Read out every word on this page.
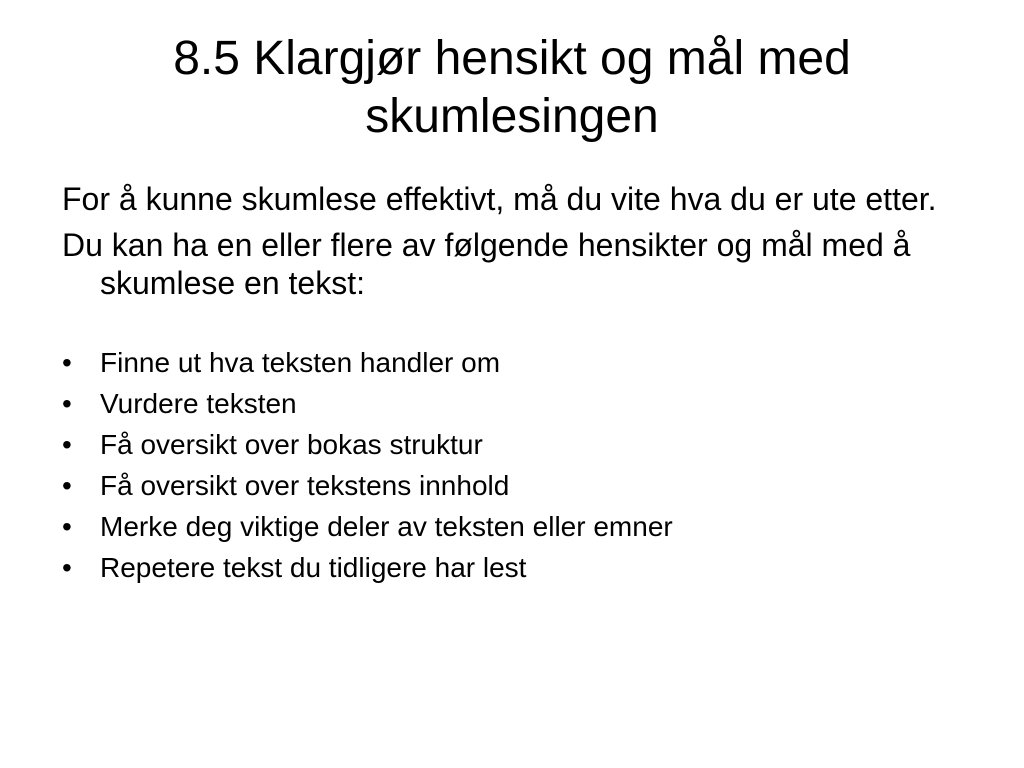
8.5 Klargjør hensikt og mål med
skumlesingen

For å kunne skumlese effektivt, må du vite hva du er ute etter.

Du kan ha en eller flere av følgende hensikter og mål med å skumlese en tekst:

•	Finne ut hva teksten handler om
•	Vurdere teksten
•	Få oversikt over bokas struktur
•	Få oversikt over tekstens innhold
•	Merke deg viktige deler av teksten eller emner
•	Repetere tekst du tidligere har lest
